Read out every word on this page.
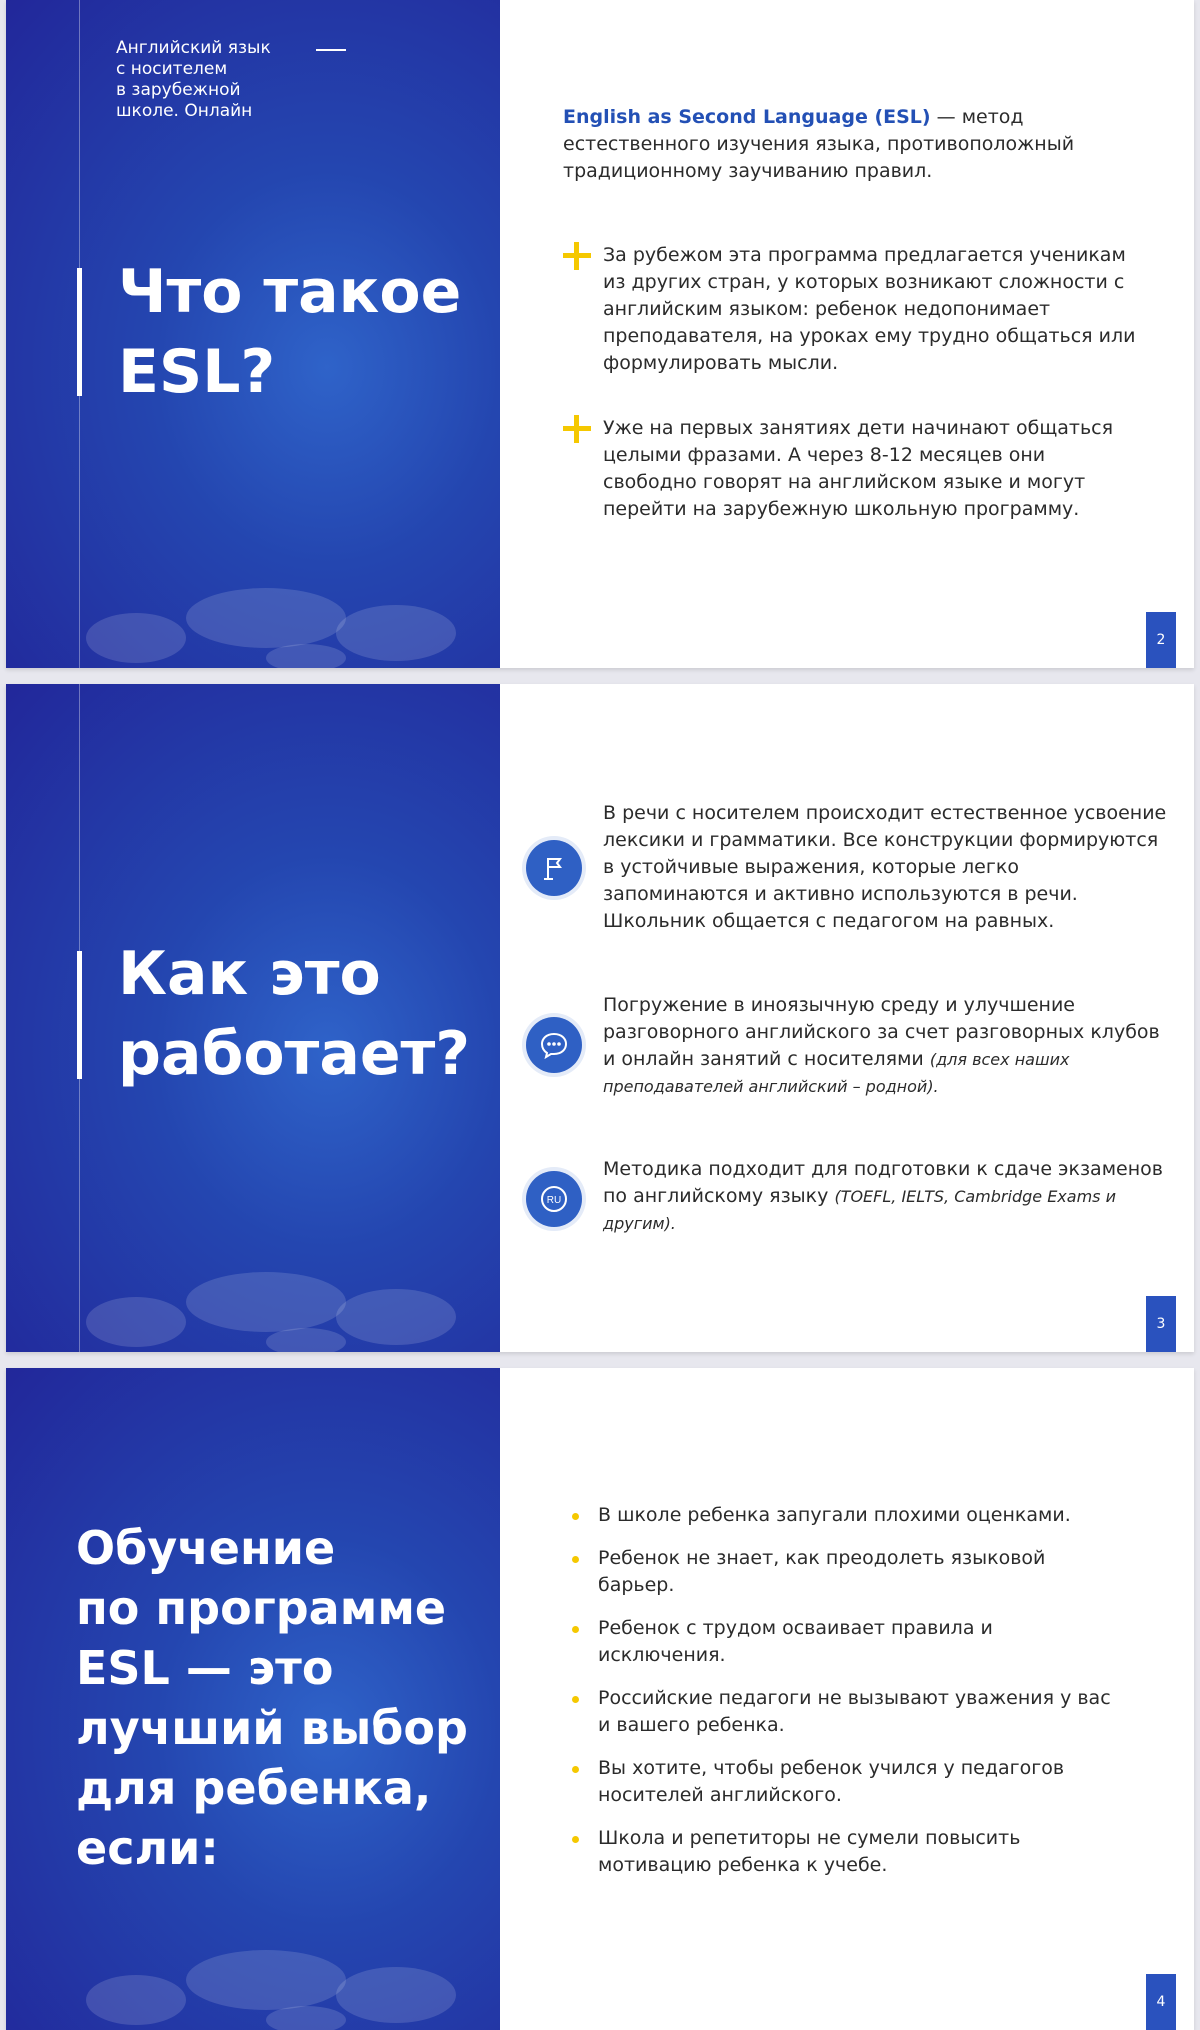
Английский язык
с носителем
в зарубежной
школе. Онлайн
Что такое
ESL?
English as Second Language (ESL) — метод естественного изучения языка, противоположный традиционному заучиванию правил.
За рубежом эта программа предлагается ученикам из других стран, у которых возникают сложности с английским языком: ребенок недопонимает преподавателя, на уроках ему трудно общаться или формулировать мысли.
Уже на первых занятиях дети начинают общаться целыми фразами. А через 8-12 месяцев они свободно говорят на английском языке и могут перейти на зарубежную школьную программу.
2
Как это
работает?
В речи с носителем происходит естественное усвоение лексики и грамматики. Все конструкции формируются в устойчивые выражения, которые легко запоминаются и активно используются в речи. Школьник общается с педагогом на равных.
Погружение в иноязычную среду и улучшение разговорного английского за счет разговорных клубов и онлайн занятий с носителями (для всех наших преподавателей английский – родной).
RU
Методика подходит для подготовки к сдаче экзаменов по английскому языку (TOEFL, IELTS, Cambridge Exams и другим).
3
Обучение
по программе
ESL — это
лучший выбор
для ребенка,
если:
В школе ребенка запугали плохими оценками.
Ребенок не знает, как преодолеть языковой барьер.
Ребенок с трудом осваивает правила и исключения.
Российские педагоги не вызывают уважения у вас и вашего ребенка.
Вы хотите, чтобы ребенок учился у педагогов носителей английского.
Школа и репетиторы не сумели повысить мотивацию ребенка к учебе.
4
